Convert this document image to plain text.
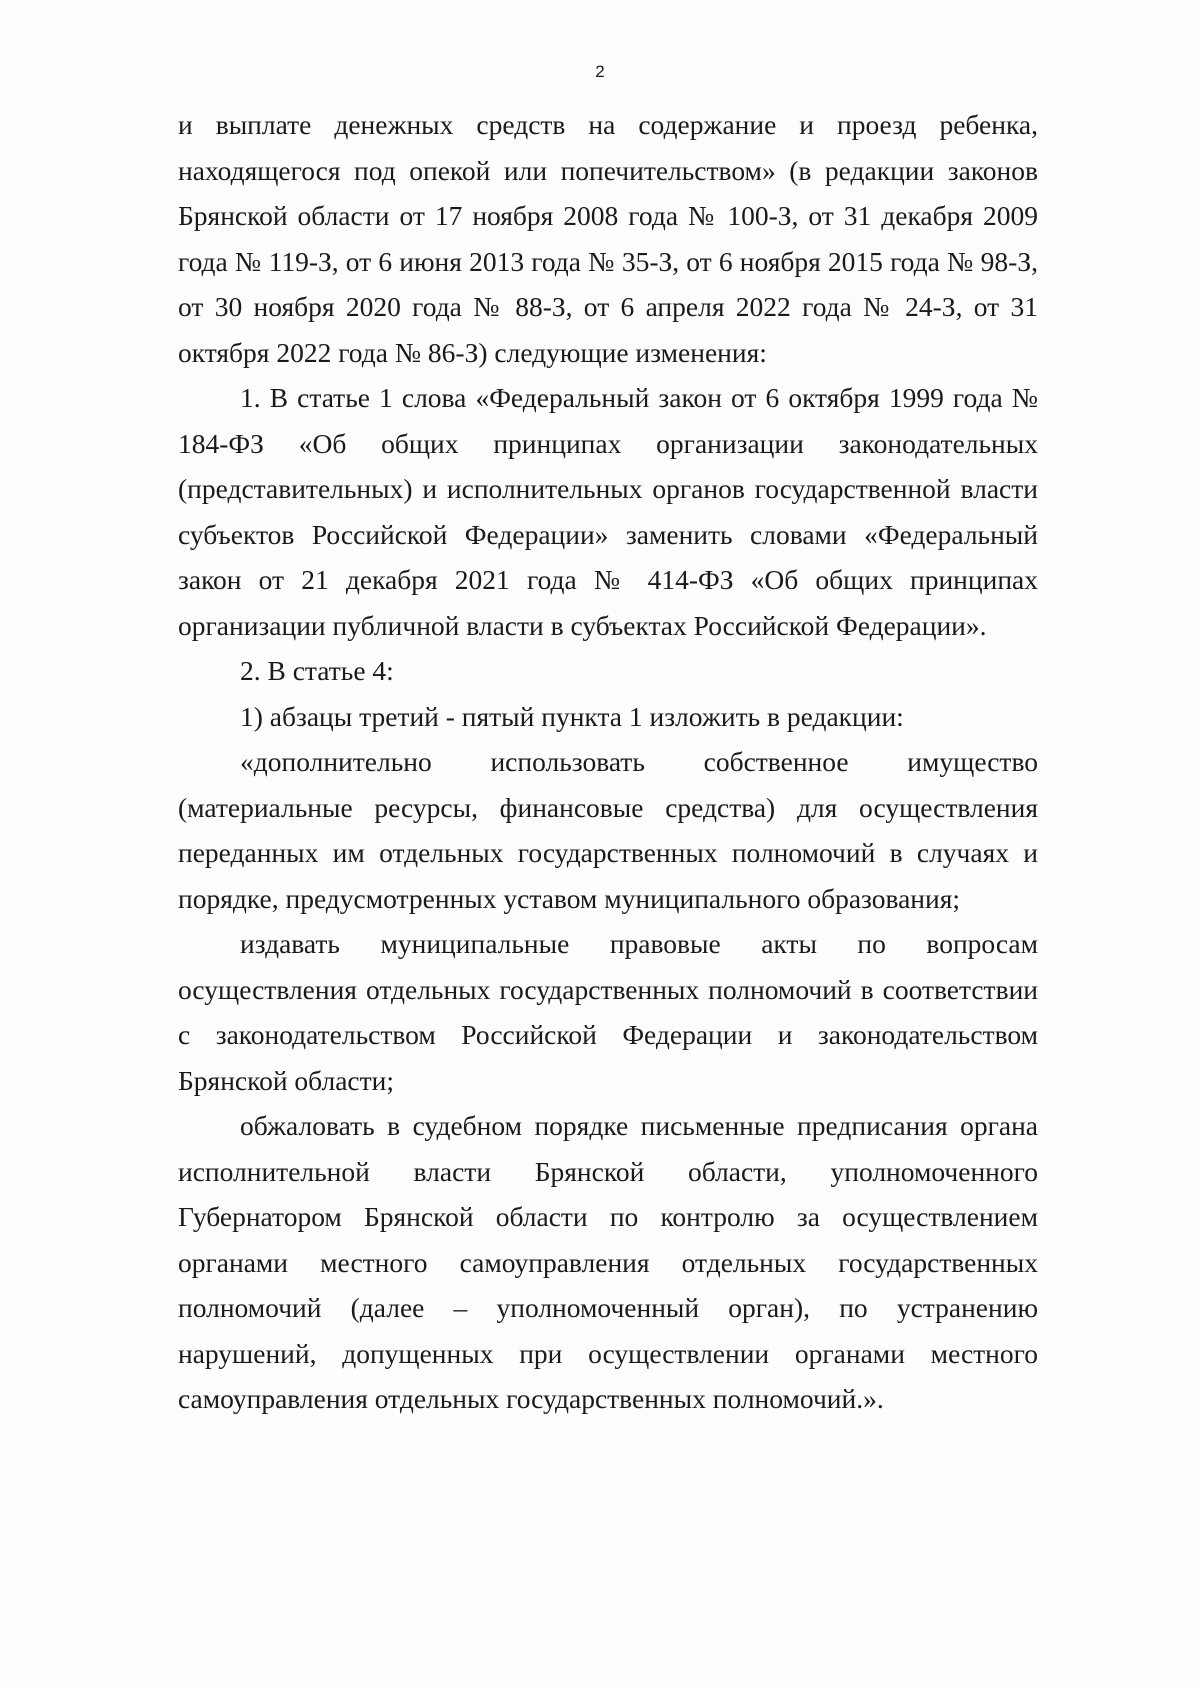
2

и выплате денежных средств на содержание и проезд ребенка, находящегося под опекой или попечительством» (в редакции законов Брянской области от 17 ноября 2008 года № 100-З, от 31 декабря 2009 года № 119-З, от 6 июня 2013 года № 35-З, от 6 ноября 2015 года № 98-З, от 30 ноября 2020 года № 88-З, от 6 апреля 2022 года № 24-З, от 31 октября 2022 года № 86-З) следующие изменения:

1. В статье 1 слова «Федеральный закон от 6 октября 1999 года № 184-ФЗ «Об общих принципах организации законодательных (представительных) и исполнительных органов государственной власти субъектов Российской Федерации» заменить словами «Федеральный закон от 21 декабря 2021 года № 414-ФЗ «Об общих принципах организации публичной власти в субъектах Российской Федерации».

2. В статье 4:

1) абзацы третий - пятый пункта 1 изложить в редакции:

«дополнительно использовать собственное имущество (материальные ресурсы, финансовые средства) для осуществления переданных им отдельных государственных полномочий в случаях и порядке, предусмотренных уставом муниципального образования;

издавать муниципальные правовые акты по вопросам осуществления отдельных государственных полномочий в соответствии с законодательством Российской Федерации и законодательством Брянской области;

обжаловать в судебном порядке письменные предписания органа исполнительной власти Брянской области, уполномоченного Губернатором Брянской области по контролю за осуществлением органами местного самоуправления отдельных государственных полномочий (далее – уполномоченный орган), по устранению нарушений, допущенных при осуществлении органами местного самоуправления отдельных государственных полномочий.».
